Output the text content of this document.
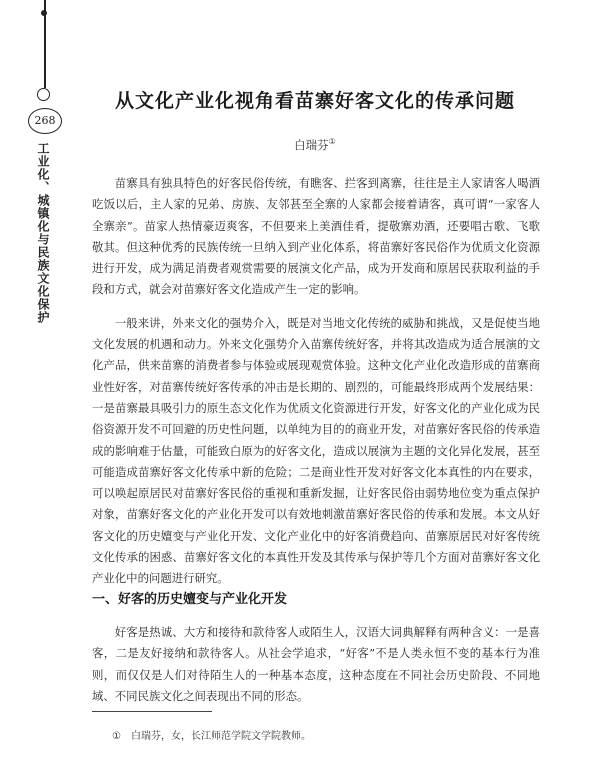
268
工业化、城镇化与民族文化保护
从文化产业化视角看苗寨好客文化的传承问题
白瑞芬①

苗寨具有独具特色的好客民俗传统，有瞧客、拦客到离寨，往往是主人家请客人喝酒吃饭以后，主人家的兄弟、房族、友邻甚至全寨的人家都会接着请客，真可谓“一家客人全寨亲”。苗家人热情豪迈爽客，不但要来上美酒佳肴，提敬寨劝酒，还要唱古歌、飞歌敬其。但这种优秀的民族传统一旦纳入到产业化体系，将苗寨好客民俗作为优质文化资源进行开发，成为满足消费者观赏需要的展演文化产品，成为开发商和原居民获取利益的手段和方式，就会对苗寨好客文化造成产生一定的影响。

一般来讲，外来文化的强势介入，既是对当地文化传统的威胁和挑战，又是促使当地文化发展的机遇和动力。外来文化强势介入苗寨传统好客，并将其改造成为适合展演的文化产品，供来苗寨的消费者参与体验或展现观赏体验。这种文化产业化改造形成的苗寨商业性好客，对苗寨传统好客传承的冲击是长期的、剧烈的，可能最终形成两个发展结果：一是苗寨最具吸引力的原生态文化作为优质文化资源进行开发，好客文化的产业化成为民俗资源开发不可回避的历史性问题，以单纯为目的的商业开发，对苗寨好客民俗的传承造成的影响难于估量，可能致白原为的好客文化，造成以展演为主题的文化异化发展，甚至可能造成苗寨好客文化传承中新的危险；二是商业性开发对好客文化本真性的内在要求，可以唤起原居民对苗寨好客民俗的重视和重新发掘，让好客民俗由弱势地位变为重点保护对象，苗寨好客文化的产业化开发可以有效地刺激苗寨好客民俗的传承和发展。本文从好客文化的历史嬗变与产业化开发、文化产业化中的好客消费趋向、苗寨原居民对好客传统文化传承的困惑、苗寨好客文化的本真性开发及其传承与保护等几个方面对苗寨好客文化产业化中的问题进行研究。

一、好客的历史嬗变与产业化开发

好客是热诚、大方和接待和款待客人或陌生人，汉语大词典解释有两种含义：一是喜客，二是友好接纳和款待客人。从社会学追求，“好客”不是人类永恒不变的基本行为准则，而仅仅是人们对待陌生人的一种基本态度，这种态度在不同社会历史阶段、不同地域、不同民族文化之间表现出不同的形态。

① 白瑞芬，女，长江师范学院文学院教师。
